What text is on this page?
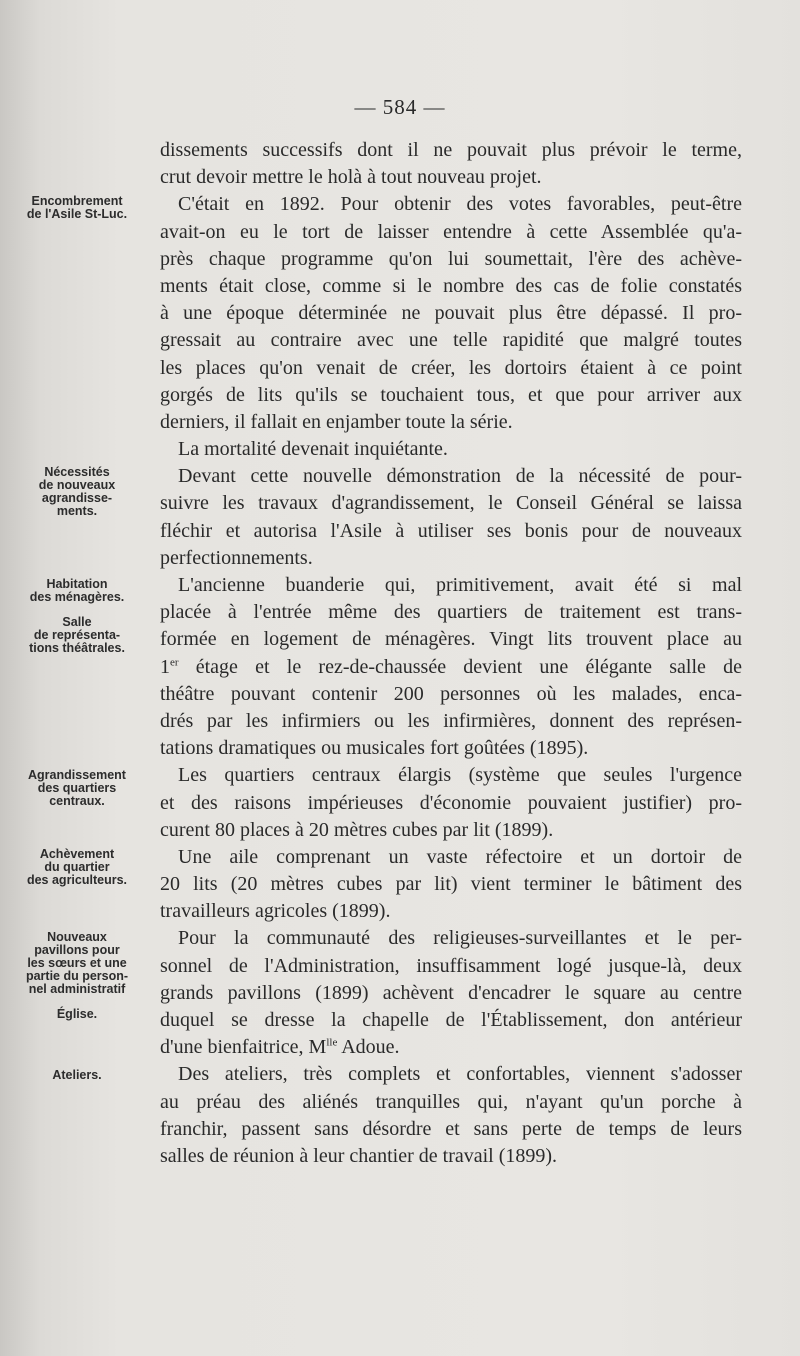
— 584 —
Encombrement
de l'Asile St-Luc.
Nécessités
de nouveaux
agrandisse-
ments.
Habitation
des ménagères.
Salle
de représenta-
tions théâtrales.
Agrandissement
des quartiers
centraux.
Achèvement
du quartier
des agriculteurs.
Nouveaux
pavillons pour
les sœurs et une
partie du person-
nel administratif
Église.
Ateliers.
dissements successifs dont il ne pouvait plus prévoir le terme,
crut devoir mettre le holà à tout nouveau projet.
C'était en 1892. Pour obtenir des votes favorables, peut-être
avait-on eu le tort de laisser entendre à cette Assemblée qu'a-
près chaque programme qu'on lui soumettait, l'ère des achève-
ments était close, comme si le nombre des cas de folie constatés
à une époque déterminée ne pouvait plus être dépassé. Il pro-
gressait au contraire avec une telle rapidité que malgré toutes
les places qu'on venait de créer, les dortoirs étaient à ce point
gorgés de lits qu'ils se touchaient tous, et que pour arriver aux
derniers, il fallait en enjamber toute la série.
La mortalité devenait inquiétante.
Devant cette nouvelle démonstration de la nécessité de pour-
suivre les travaux d'agrandissement, le Conseil Général se laissa
fléchir et autorisa l'Asile à utiliser ses bonis pour de nouveaux
perfectionnements.
L'ancienne buanderie qui, primitivement, avait été si mal
placée à l'entrée même des quartiers de traitement est trans-
formée en logement de ménagères. Vingt lits trouvent place au
1er étage et le rez-de-chaussée devient une élégante salle de
théâtre pouvant contenir 200 personnes où les malades, enca-
drés par les infirmiers ou les infirmières, donnent des représen-
tations dramatiques ou musicales fort goûtées (1895).
Les quartiers centraux élargis (système que seules l'urgence
et des raisons impérieuses d'économie pouvaient justifier) pro-
curent 80 places à 20 mètres cubes par lit (1899).
Une aile comprenant un vaste réfectoire et un dortoir de
20 lits (20 mètres cubes par lit) vient terminer le bâtiment des
travailleurs agricoles (1899).
Pour la communauté des religieuses-surveillantes et le per-
sonnel de l'Administration, insuffisamment logé jusque-là, deux
grands pavillons (1899) achèvent d'encadrer le square au centre
duquel se dresse la chapelle de l'Établissement, don antérieur
d'une bienfaitrice, $M^{lle}$ Adoue.
Des ateliers, très complets et confortables, viennent s'adosser
au préau des aliénés tranquilles qui, n'ayant qu'un porche à
franchir, passent sans désordre et sans perte de temps de leurs
salles de réunion à leur chantier de travail (1899).
